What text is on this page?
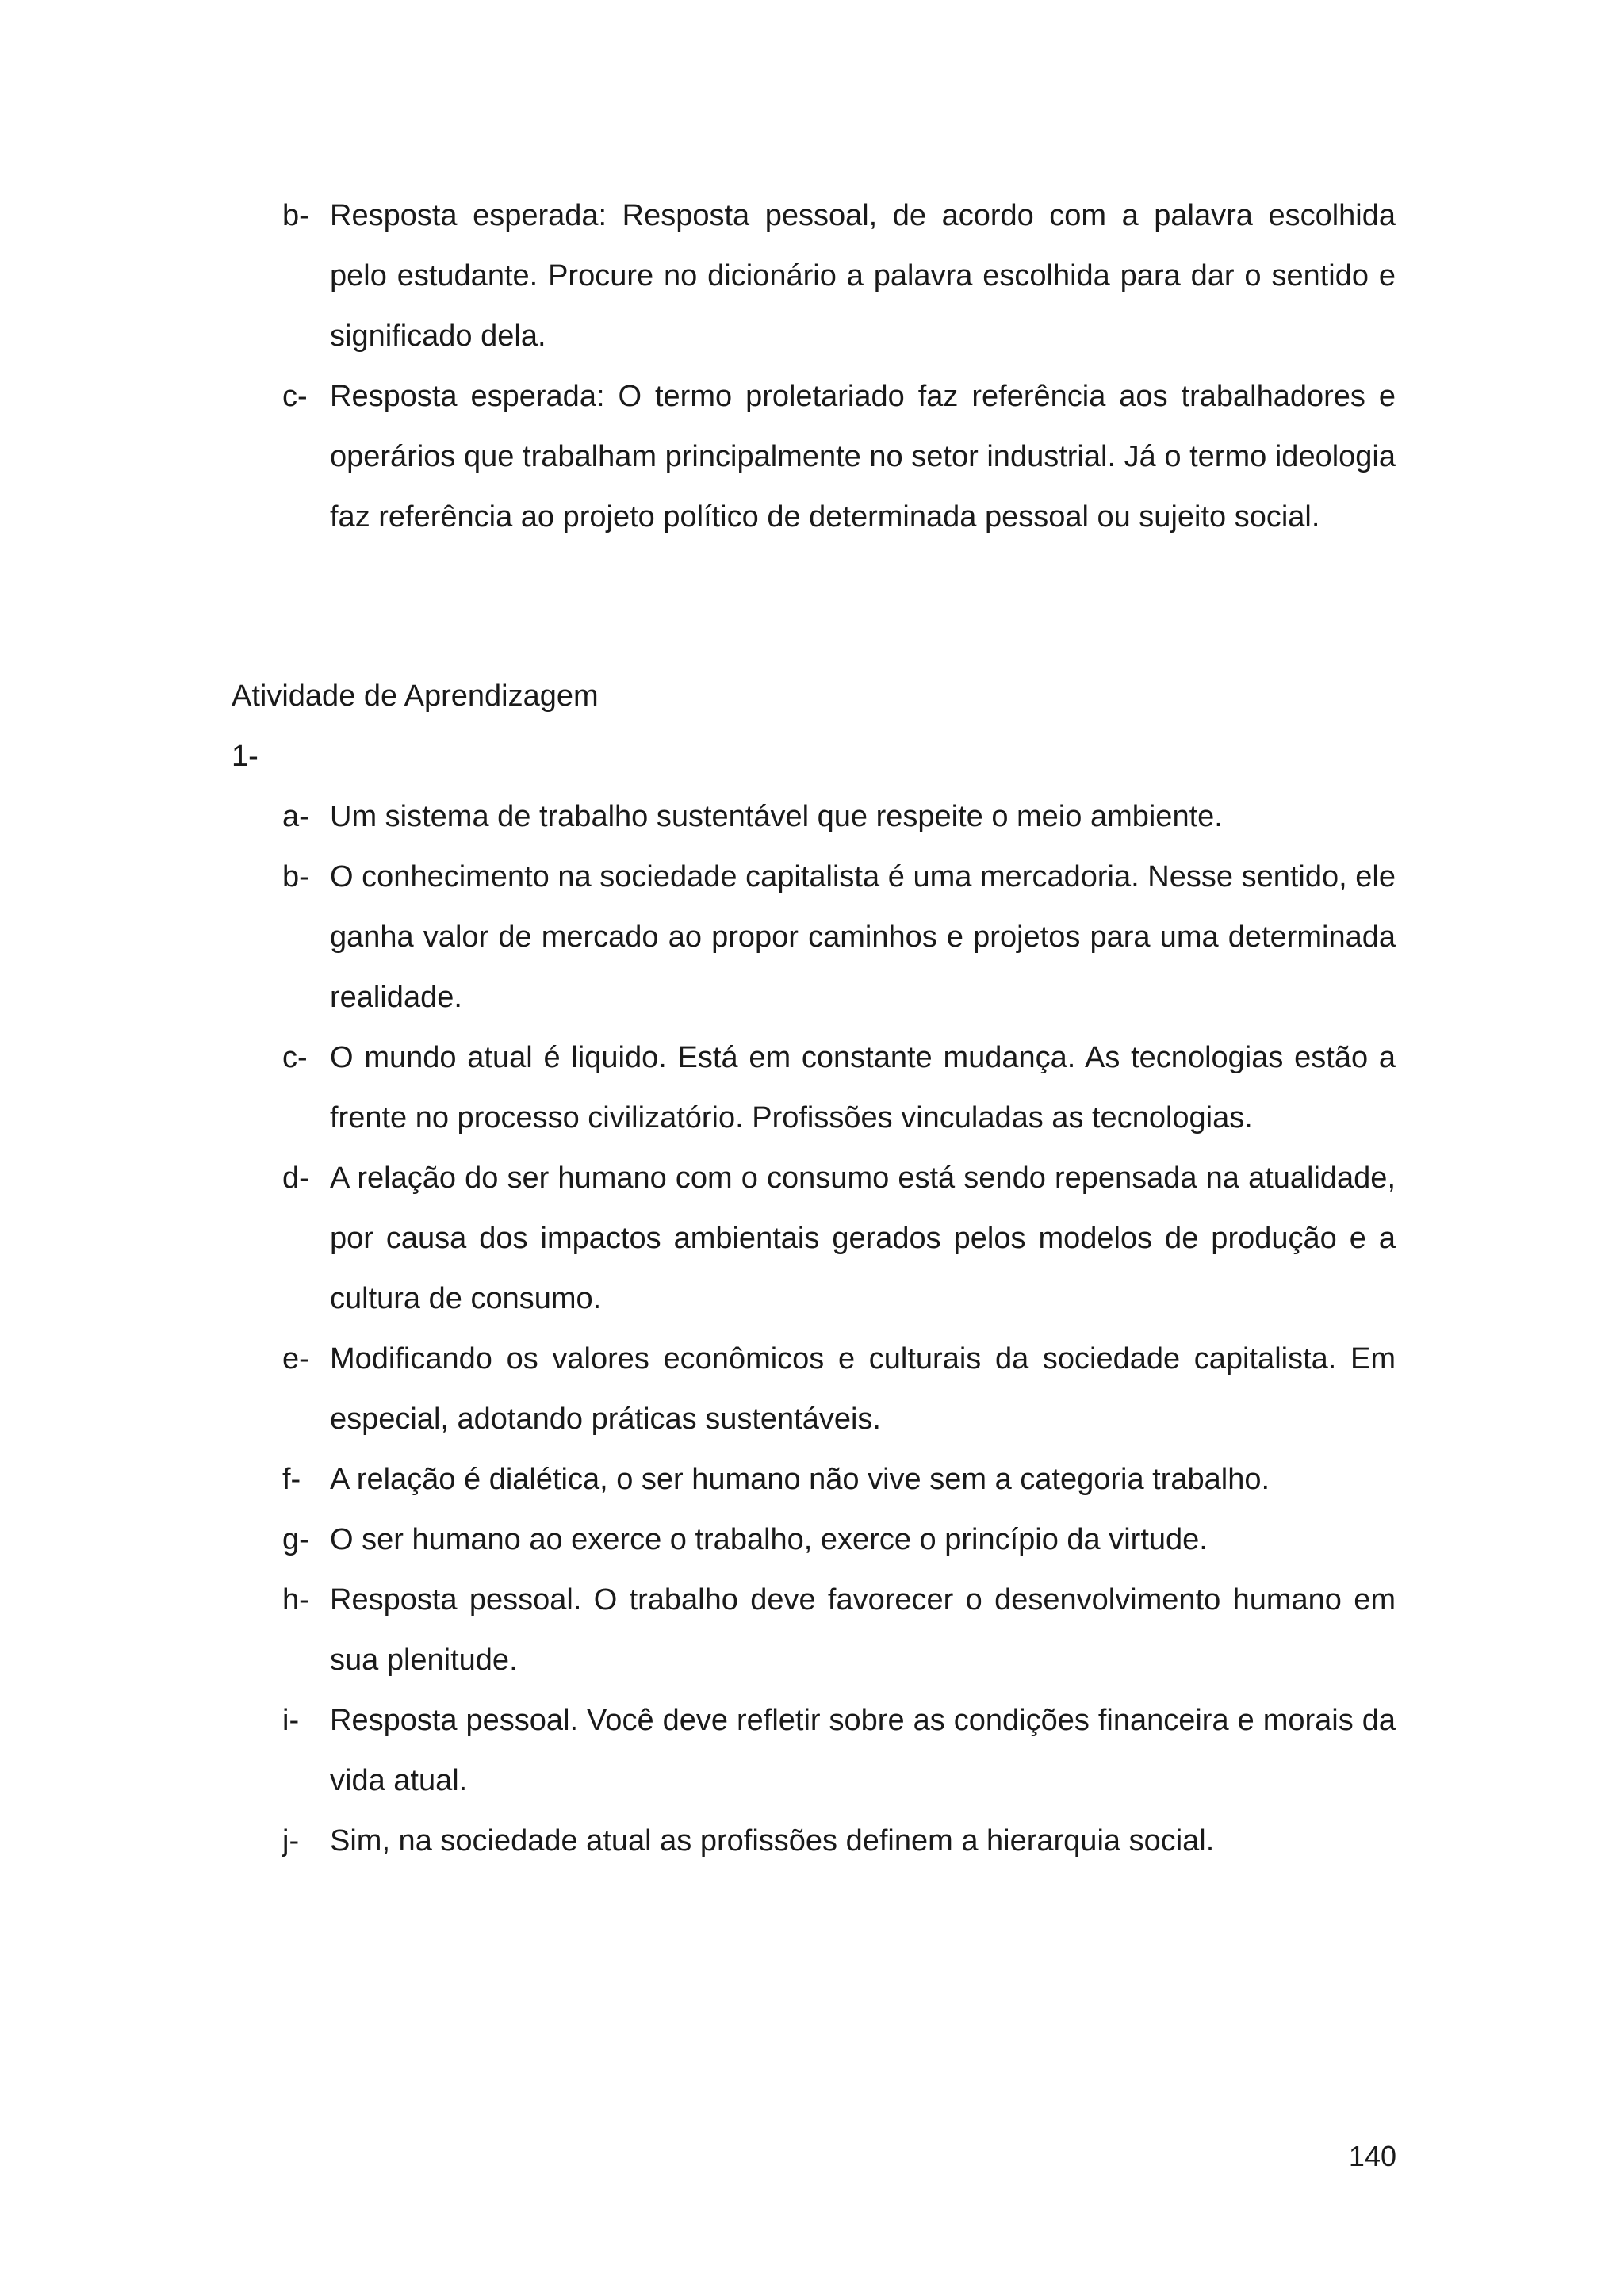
b- Resposta esperada: Resposta pessoal, de acordo com a palavra escolhida pelo estudante. Procure no dicionário a palavra escolhida para dar o sentido e significado dela.

c- Resposta esperada: O termo proletariado faz referência aos trabalhadores e operários que trabalham principalmente no setor industrial. Já o termo ideologia faz referência ao projeto político de determinada pessoal ou sujeito social.

Atividade de Aprendizagem

1-

a- Um sistema de trabalho sustentável que respeite o meio ambiente.

b- O conhecimento na sociedade capitalista é uma mercadoria. Nesse sentido, ele ganha valor de mercado ao propor caminhos e projetos para uma determinada realidade.

c- O mundo atual é liquido. Está em constante mudança. As tecnologias estão a frente no processo civilizatório. Profissões vinculadas as tecnologias.

d- A relação do ser humano com o consumo está sendo repensada na atualidade, por causa dos impactos ambientais gerados pelos modelos de produção e a cultura de consumo.

e- Modificando os valores econômicos e culturais da sociedade capitalista. Em especial, adotando práticas sustentáveis.

f- A relação é dialética, o ser humano não vive sem a categoria trabalho.

g- O ser humano ao exerce o trabalho, exerce o princípio da virtude.

h- Resposta pessoal. O trabalho deve favorecer o desenvolvimento humano em sua plenitude.

i- Resposta pessoal. Você deve refletir sobre as condições financeira e morais da vida atual.

j- Sim, na sociedade atual as profissões definem a hierarquia social.

140
